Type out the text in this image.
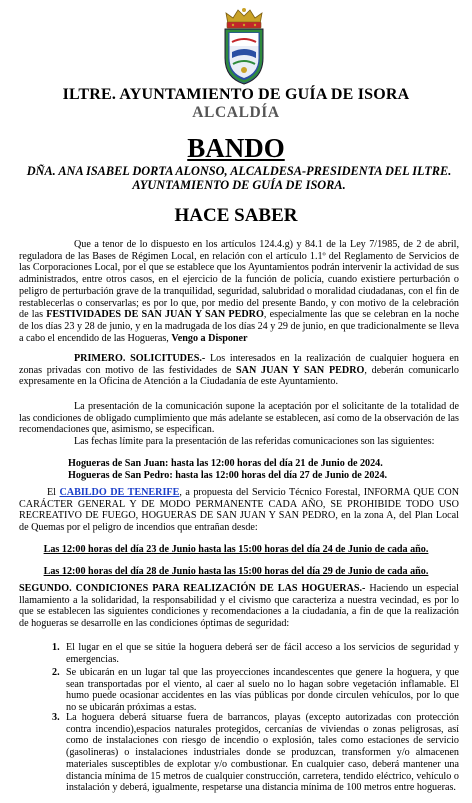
ILTRE. AYUNTAMIENTO DE GUÍA DE ISORA
ALCALDÍA
BANDO
DÑA. ANA ISABEL DORTA ALONSO, ALCALDESA-PRESIDENTA DEL ILTRE. AYUNTAMIENTO DE GUÍA DE ISORA.
HACE SABER
Que a tenor de lo dispuesto en los artículos 124.4.g) y 84.1 de la Ley 7/1985, de 2 de abril, reguladora de las Bases de Régimen Local, en relación con el artículo 1.1º del Reglamento de Servicios de las Corporaciones Local, por el que se establece que los Ayuntamientos podrán intervenir la actividad de sus administrados, entre otros casos, en el ejercicio de la función de policía, cuando existiere perturbación o peligro de perturbación grave de la tranquilidad, seguridad, salubridad o moralidad ciudadanas, con el fin de restablecerlas o conservarlas; es por lo que, por medio del presente Bando, y con motivo de la celebración de las FESTIVIDADES DE SAN JUAN Y SAN PEDRO, especialmente las que se celebran en la noche de los días 23 y 28 de junio, y en la madrugada de los días 24 y 29 de junio, en que tradicionalmente se lleva a cabo el encendido de las Hogueras, Vengo a Disponer
PRIMERO. SOLICITUDES.- Los interesados en la realización de cualquier hoguera en zonas privadas con motivo de las festividades de SAN JUAN Y SAN PEDRO, deberán comunicarlo expresamente en la Oficina de Atención a la Ciudadanía de este Ayuntamiento.
La presentación de la comunicación supone la aceptación por el solicitante de la totalidad de las condiciones de obligado cumplimiento que más adelante se establecen, así como de la observación de las recomendaciones que, asimismo, se especifican.
Las fechas límite para la presentación de las referidas comunicaciones son las siguientes:
Hogueras de San Juan: hasta las 12:00 horas del día 21 de Junio de 2024.
Hogueras de San Pedro: hasta las 12:00 horas del día 27 de Junio de 2024.
El CABILDO DE TENERIFE, a propuesta del Servicio Técnico Forestal, INFORMA QUE CON CARÁCTER GENERAL Y DE MODO PERMANENTE CADA AÑO, SE PROHIBIDE TODO USO RECREATIVO DE FUEGO, HOGUERAS DE SAN JUAN Y SAN PEDRO, en la zona A, del Plan Local de Quemas por el peligro de incendios que entrañan desde:
Las 12:00 horas del día 23 de Junio hasta las 15:00 horas del día 24 de Junio de cada año.
Las 12:00 horas del día 28 de Junio hasta las 15:00 horas del día 29 de Junio de cada año.
SEGUNDO. CONDICIONES PARA REALIZACIÓN DE LAS HOGUERAS.- Haciendo un especial llamamiento a la solidaridad, la responsabilidad y el civismo que caracteriza a nuestra vecindad, es por lo que se establecen las siguientes condiciones y recomendaciones a la ciudadanía, a fin de que la realización de hogueras se desarrolle en las condiciones óptimas de seguridad:
1. El lugar en el que se sitúe la hoguera deberá ser de fácil acceso a los servicios de seguridad y emergencias.
2. Se ubicarán en un lugar tal que las proyecciones incandescentes que genere la hoguera, y que sean transportadas por el viento, al caer al suelo no lo hagan sobre vegetación inflamable. El humo puede ocasionar accidentes en las vías públicas por donde circulen vehículos, por lo que no se ubicarán próximas a estas.
3. La hoguera deberá situarse fuera de barrancos, playas (excepto autorizadas con protección contra incendio),espacios naturales protegidos, cercanías de viviendas o zonas peligrosas, así como de instalaciones con riesgo de incendio o explosión, tales como estaciones de servicio (gasolineras) o instalaciones industriales donde se produzcan, transformen y/o almacenen materiales susceptibles de explotar y/o combustionar. En cualquier caso, deberá mantener una distancia mínima de 15 metros de cualquier construcción, carretera, tendido eléctrico, vehículo o instalación y deberá, igualmente, respetarse una distancia mínima de 100 metros entre hogueras.
